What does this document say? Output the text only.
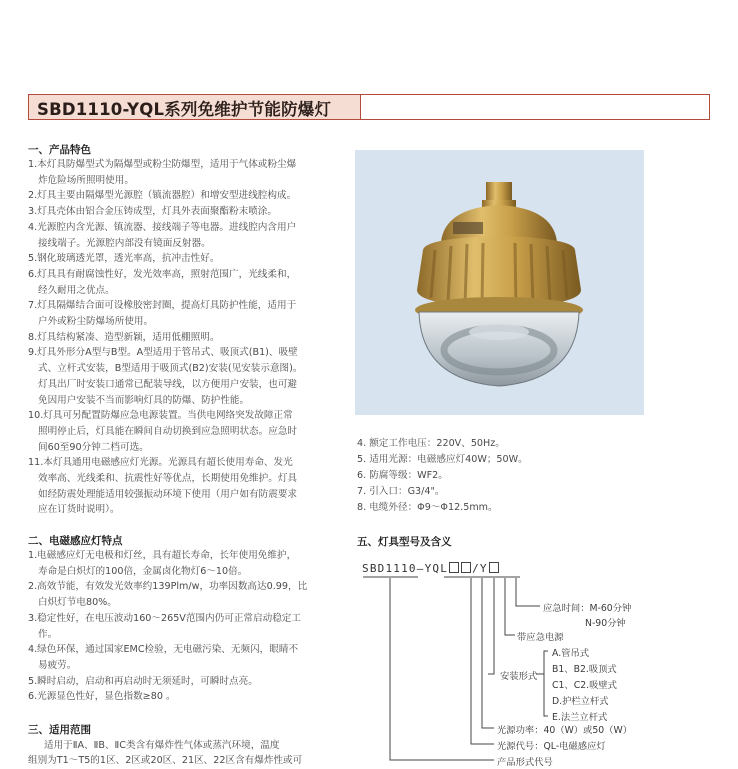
SBD1110-YQL系列免维护节能防爆灯
一、产品特色
1.本灯具防爆型式为隔爆型或粉尘防爆型，适用于气体或粉尘爆

炸危险场所照明使用。
2.灯具主要由隔爆型光源腔（镇流器腔）和增安型进线腔构成。

3.灯具壳体由铝合金压铸成型，灯具外表面聚酯粉末喷涂。

4.光源腔内含光源、镇流器、接线端子等电器。进线腔内含用户

接线端子。光源腔内部没有镜面反射器。
5.钢化玻璃透光罩，透光率高，抗冲击性好。

6.灯具具有耐腐蚀性好，发光效率高，照射范围广，光线柔和，

经久耐用之优点。
7.灯具隔爆结合面可设橡胶密封圈，提高灯具防护性能，适用于

户外或粉尘防爆场所使用。
8.灯具结构紧凑、造型新颖，适用低棚照明。

9.灯具外形分A型与B型。A型适用于管吊式、吸顶式(B1)、吸壁

式、立杆式安装，B型适用于吸顶式(B2)安装(见安装示意图)。
灯具出厂时安装口通常已配装导线，以方便用户安装，也可避
免因用户安装不当而影响灯具的防爆、防护性能。
10.灯具可另配置防爆应急电源装置。当供电网络突发故障正常

照明停止后，灯具能在瞬间自动切换到应急照明状态。应急时
间60至90分钟二档可选。
11.本灯具通用电磁感应灯光源。光源具有超长使用寿命、发光

效率高、光线柔和、抗震性好等优点，长期使用免维护。灯具
如经防震处理能适用较强振动环境下使用（用户如有防震要求
应在订货时说明）。
二、电磁感应灯特点
1.电磁感应灯无电极和灯丝，具有超长寿命，长年使用免维护，

寿命是白炽灯的100倍，金属卤化物灯6～10倍。
2.高效节能，有效发光效率约139Plm/w，功率因数高达0.99，比

白炽灯节电80%。
3.稳定性好，在电压波动160～265V范围内仍可正常启动稳定工

作。
4.绿色环保，通过国家EMC检验，无电磁污染、无频闪，眼睛不

易疲劳。
5.瞬时启动，启动和再启动时无须延时，可瞬时点亮。

6.光源显色性好，显色指数≥80 。

三、适用范围
适用于ⅡA、ⅡB、ⅡC类含有爆炸性气体或蒸汽环境，温度
组别为T1～T5的1区、2区或20区、21区、22区含有爆炸性或可
4. 额定工作电压：220V、50Hz。
5. 适用光源：电磁感应灯40W；50W。
6. 防腐等级：WF2。
7. 引入口：G3/4"。
8. 电缆外径：Φ9～Φ12.5mm。
五、灯具型号及含义
SBD1110—YQL /Y
应急时间：M-60分钟
N-90分钟
带应急电源
A.管吊式
B1、B2.吸顶式
安装形式
C1、C2.吸壁式
D.护栏立杆式
E.法兰立杆式
光源功率：40（W）或50（W）
光源代号：QL-电磁感应灯
产品形式代号
